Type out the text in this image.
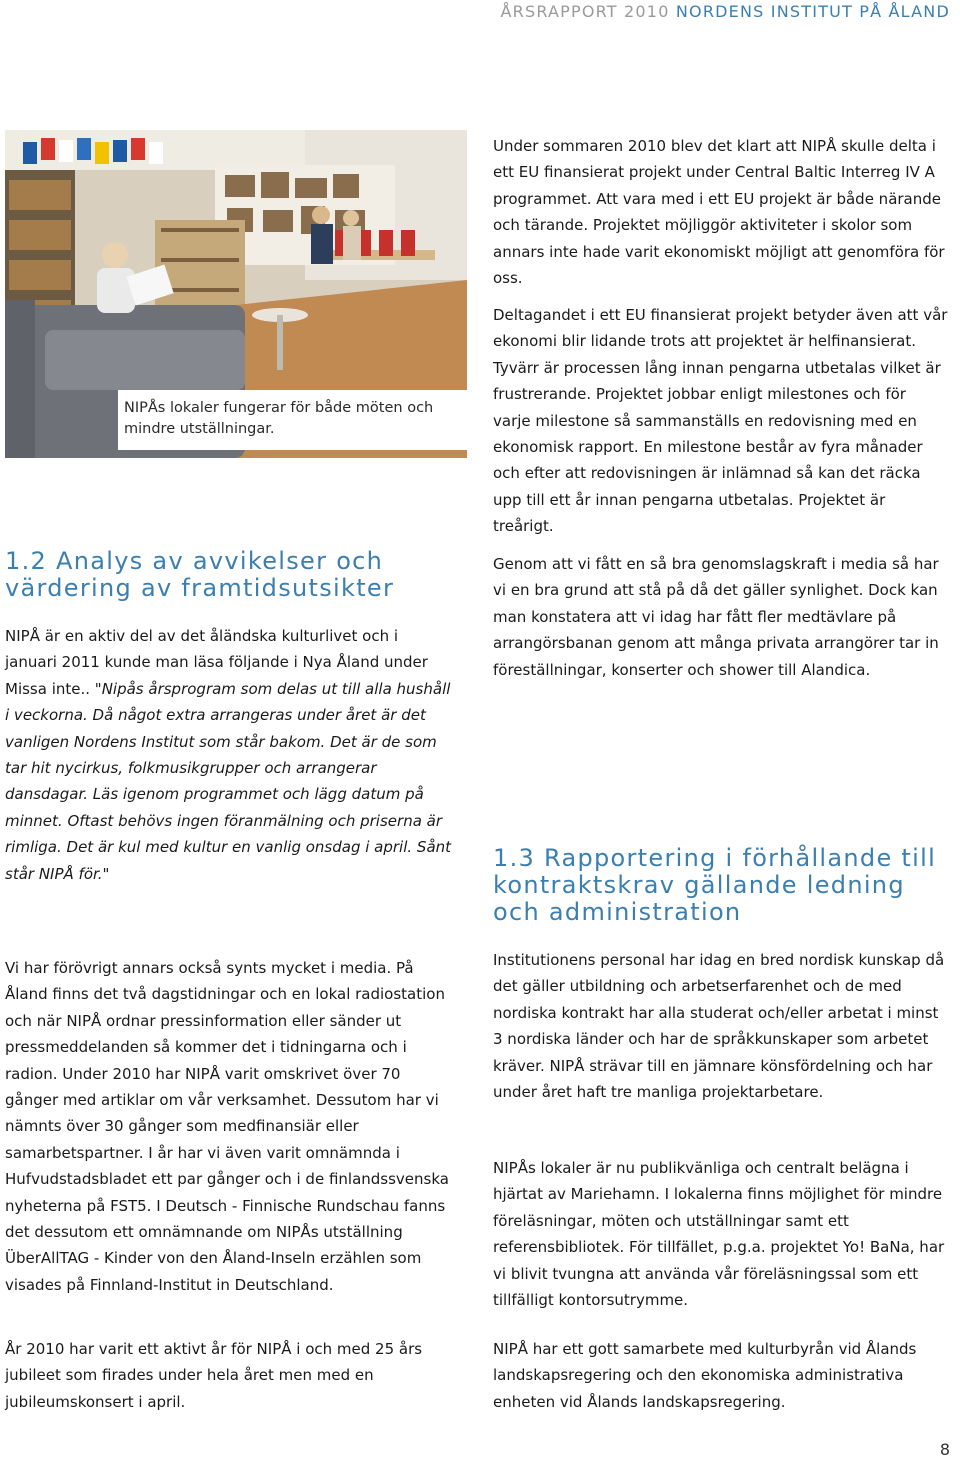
ÅRSRAPPORT 2010 NORDENS INSTITUT PÅ ÅLAND
NIPÅs lokaler fungerar för både möten och mindre utställningar.
1.2 Analys av avvikelser och värdering av framtidsutsikter

NIPÅ är en aktiv del av det åländska kulturlivet och i januari 2011 kunde man läsa följande i Nya Åland under Missa inte.. "Nipås årsprogram som delas ut till alla hushåll i veckorna. Då något extra arrangeras under året är det vanligen Nordens Institut som står bakom. Det är de som tar hit nycirkus, folkmusikgrupper och arrangerar dansdagar. Läs igenom programmet och lägg datum på minnet. Oftast behövs ingen föranmälning och priserna är rimliga. Det är kul med kultur en vanlig onsdag i april. Sånt står NIPÅ för."

Vi har förövrigt annars också synts mycket i media. På Åland finns det två dagstidningar och en lokal radiostation och när NIPÅ ordnar pressinformation eller sänder ut pressmeddelanden så kommer det i tidningarna och i radion. Under 2010 har NIPÅ varit omskrivet över 70 gånger med artiklar om vår verksamhet. Dessutom har vi nämnts över 30 gånger som medfinansiär eller samarbetspartner. I år har vi även varit omnämnda i Hufvudstadsbladet ett par gånger och i de finlandssvenska nyheterna på FST5. I Deutsch - Finnische Rundschau fanns det dessutom ett omnämnande om NIPÅs utställning ÜberAllTAG - Kinder von den Åland-Inseln erzählen som visades på Finnland-Institut in Deutschland.

År 2010 har varit ett aktivt år för NIPÅ i och med 25 års jubileet som firades under hela året men med en jubileumskonsert i april.

Under sommaren 2010 blev det klart att NIPÅ skulle delta i ett EU finansierat projekt under Central Baltic Interreg IV A programmet. Att vara med i ett EU projekt är både närande och tärande. Projektet möjliggör aktiviteter i skolor som annars inte hade varit ekonomiskt möjligt att genomföra för oss.

Deltagandet i ett EU finansierat projekt betyder även att vår ekonomi blir lidande trots att projektet är helfinansierat. Tyvärr är processen lång innan pengarna utbetalas vilket är frustrerande. Projektet jobbar enligt milestones och för varje milestone så sammanställs en redovisning med en ekonomisk rapport. En milestone består av fyra månader och efter att redovisningen är inlämnad så kan det räcka upp till ett år innan pengarna utbetalas. Projektet är treårigt.

Genom att vi fått en så bra genomslagskraft i media så har vi en bra grund att stå på då det gäller synlighet. Dock kan man konstatera att vi idag har fått fler medtävlare på arrangörsbanan genom att många privata arrangörer tar in föreställningar, konserter och shower till Alandica.

1.3 Rapportering i förhållande till kontraktskrav gällande ledning och administration

Institutionens personal har idag en bred nordisk kunskap då det gäller utbildning och arbetserfarenhet och de med nordiska kontrakt har alla studerat och/eller arbetat i minst 3 nordiska länder och har de språkkunskaper som arbetet kräver. NIPÅ strävar till en jämnare könsfördelning och har under året haft tre manliga projektarbetare.

NIPÅs lokaler är nu publikvänliga och centralt belägna i hjärtat av Mariehamn. I lokalerna finns möjlighet för mindre föreläsningar, möten och utställningar samt ett referensbibliotek. För tillfället, p.g.a. projektet Yo! BaNa, har vi blivit tvungna att använda vår föreläsningssal som ett tillfälligt kontorsutrymme.

NIPÅ har ett gott samarbete med kulturbyrån vid Ålands landskapsregering och den ekonomiska administrativa enheten vid Ålands landskapsregering.

8
